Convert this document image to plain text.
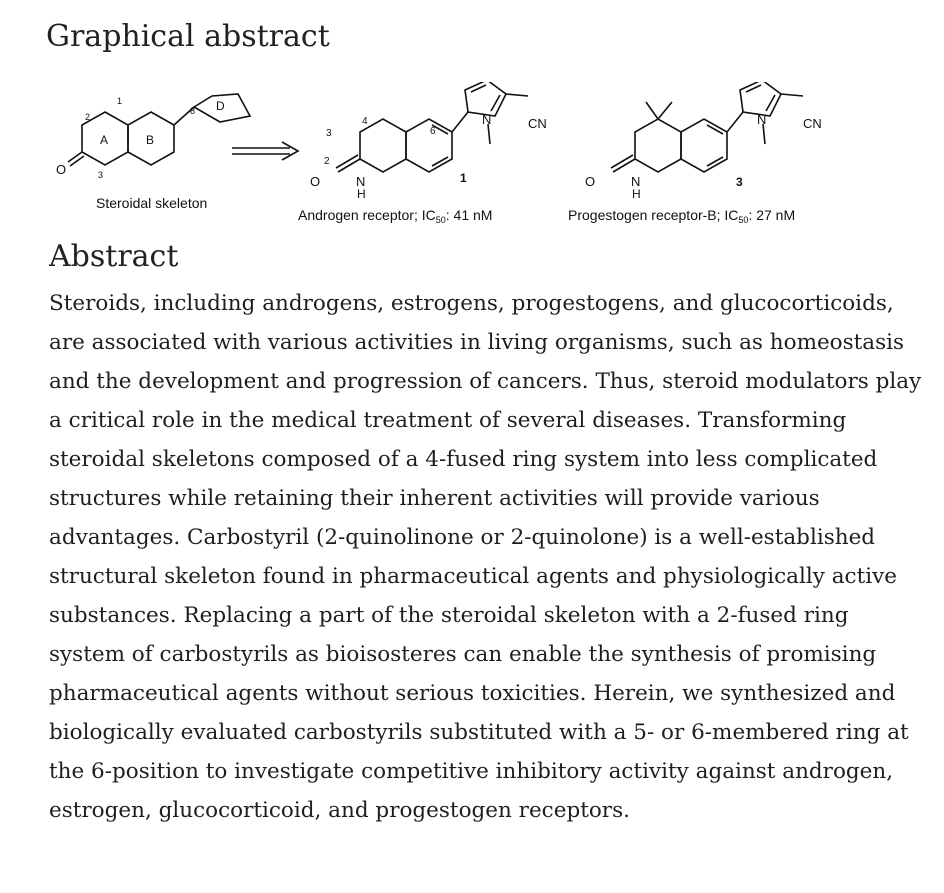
Graphical abstract
A	B
D
1
2
3
8
O
Steroidal skeleton
2
3
4
6
O	N
H
N	CN
1
Androgen receptor; $IC_{50}$: 41 nM
O	N
H
N	CN
3
Progestogen receptor-B; $IC_{50}$: 27 nM
Abstract

Steroids, including androgens, estrogens, progestogens, and glucocorticoids, are associated with various activities in living organisms, such as homeostasis and the development and progression of cancers. Thus, steroid modulators play a critical role in the medical treatment of several diseases. Transforming steroidal skeletons composed of a 4-fused ring system into less complicated structures while retaining their inherent activities will provide various advantages. Carbostyril (2-quinolinone or 2-quinolone) is a well-established structural skeleton found in pharmaceutical agents and physiologically active substances. Replacing a part of the steroidal skeleton with a 2-fused ring system of carbostyrils as bioisosteres can enable the synthesis of promising pharmaceutical agents without serious toxicities. Herein, we synthesized and biologically evaluated carbostyrils substituted with a 5- or 6-membered ring at the 6-position to investigate competitive inhibitory activity against androgen, estrogen, glucocorticoid, and progestogen receptors.
